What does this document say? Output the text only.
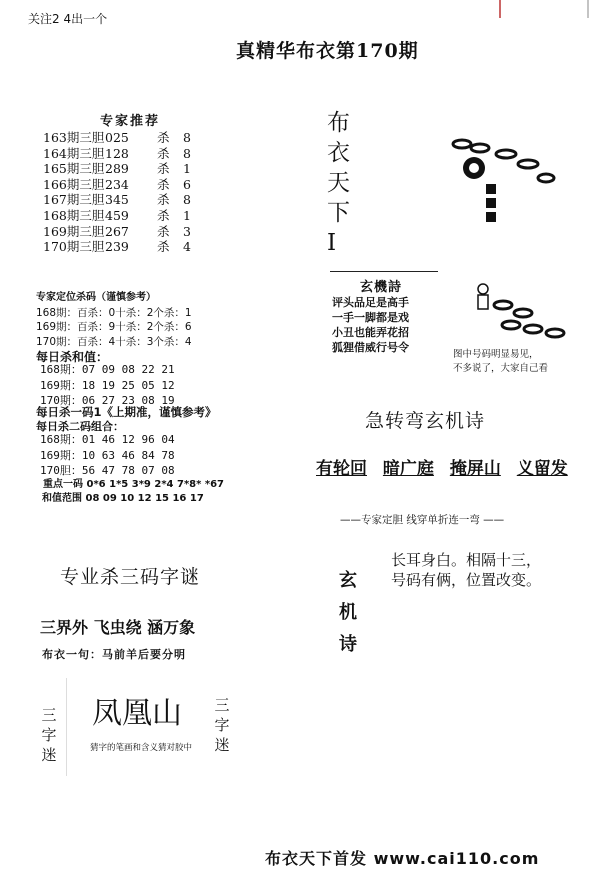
关注2 4出一个
真精华布衣第170期
专家推荐
163期三胆 025	杀	8
164期三胆 128	杀	8
165期三胆 289	杀	1
166期三胆 234	杀	6
167期三胆 345	杀	8
168期三胆 459	杀	1
169期三胆 267	杀	3
170期三胆 239	杀	4
专家定位杀码（谨慎参考）
168期：百杀：0十杀：2个杀：1
169期：百杀：9十杀：2个杀：6
170期：百杀：4十杀：3个杀：4
每日杀和值：
168期：07 09 08 22 21
169期：18 19 25 05 12
170期：06 27 23 08 19
每日杀一码1《上期准，谨慎参考》
每日杀二码组合：
168期：01 46 12 96 04
169期：10 63 46 84 78
170胆：56 47 78 07 08
重点一码 0*6 1*5 3*9 2*4 7*8* *67
和值范围 08 09 10 12 15 16 17
专业杀三码字谜
三界外 飞虫绕 涵万象
布衣一句：马前羊后要分明
三字迷
三字迷
凤凰山
猜字的笔画和含义猜对胶中
布衣天下Ⅰ
玄機詩
评头品足是高手
一手一脚都是戏
小丑也能弄花招
狐狸借威行号令
图中号码明显易见，
不多说了，大家自己看
急转弯玄机诗
有轮回 暗广庭 掩屏山 义留发
——专家定胆 线穿单折连一弯 ——
玄机诗
长耳身白。相隔十三，
号码有俩，位置改变。
布衣天下首发 www.cai110.com
